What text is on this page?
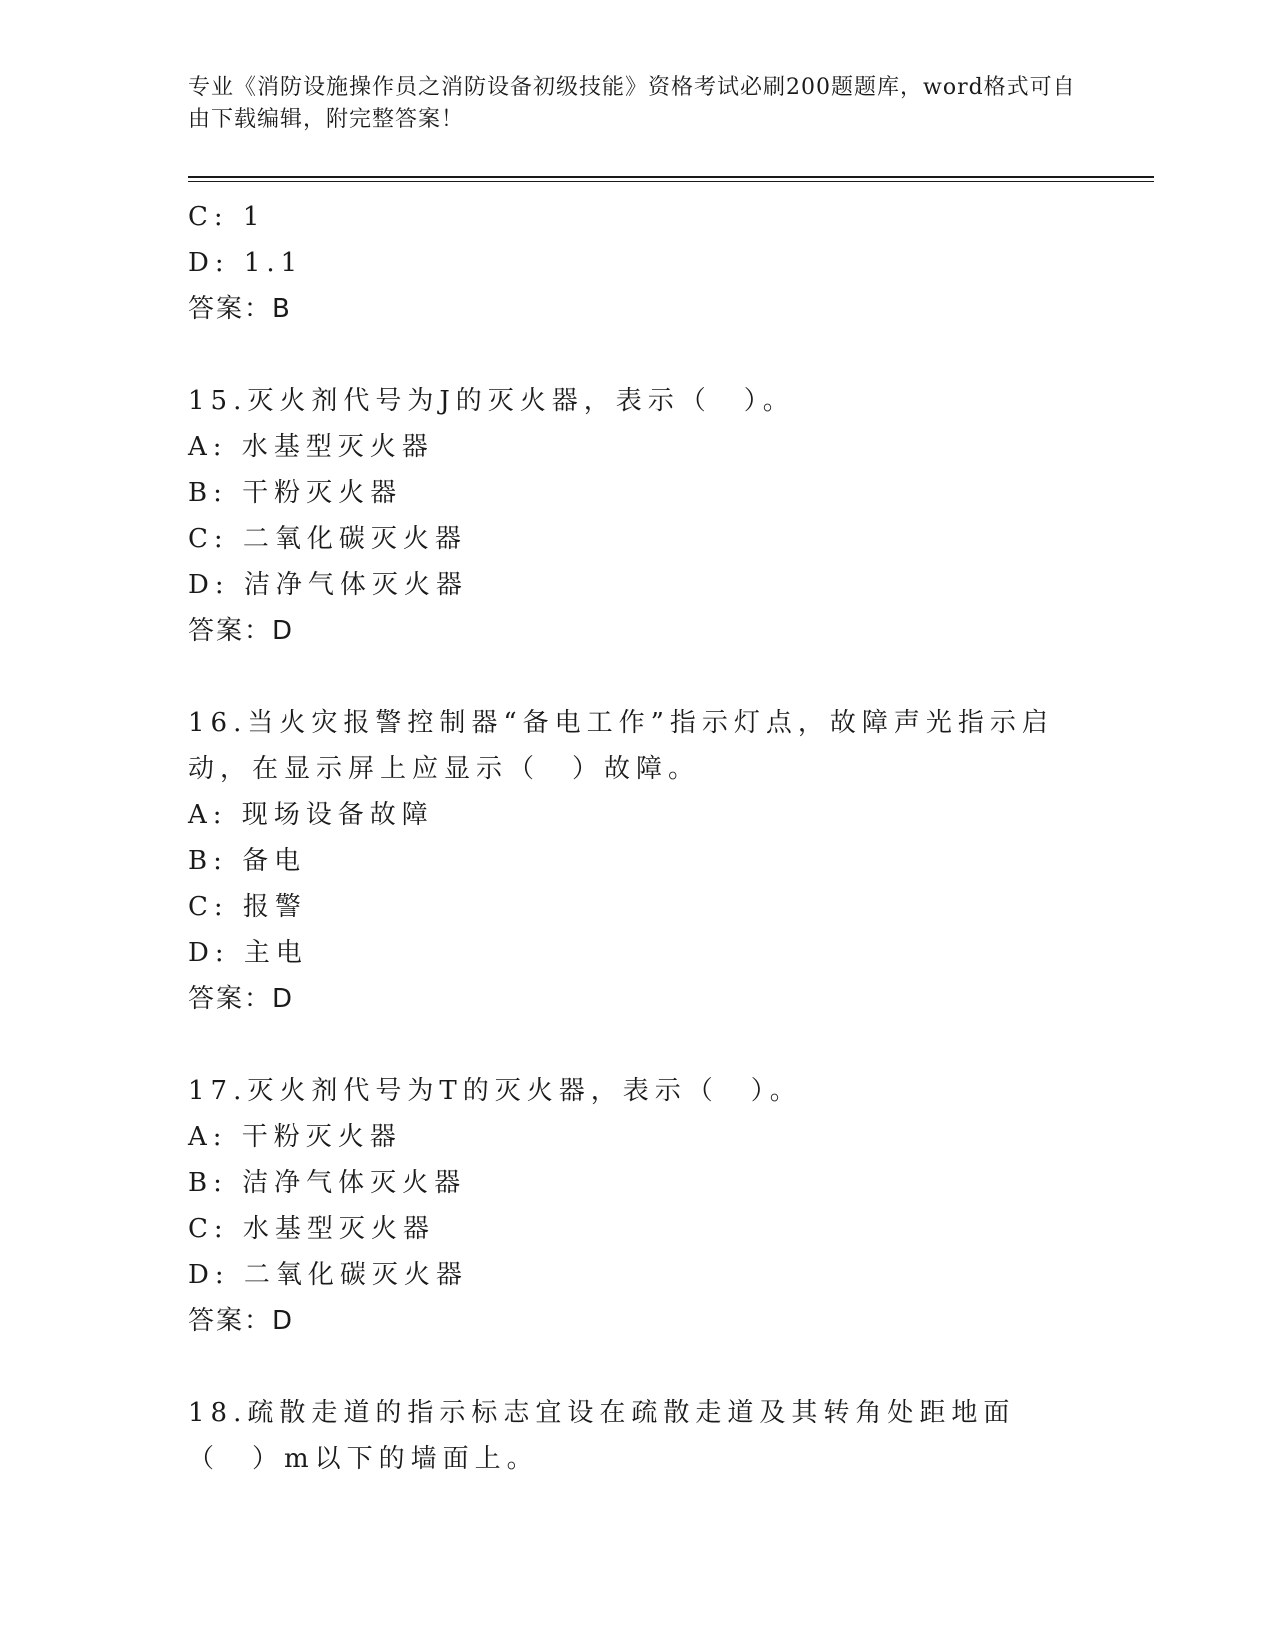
专业《消防设施操作员之消防设备初级技能》资格考试必刷200题题库，word格式可自由下载编辑，附完整答案！
C: 1
D: 1.1
答案：B
15.灭火剂代号为J的灭火器，表示（　）。
A: 水基型灭火器
B: 干粉灭火器
C: 二氧化碳灭火器
D: 洁净气体灭火器
答案：D
16.当火灾报警控制器“备电工作”指示灯点，故障声光指示启动，在显示屏上应显示（　）故障。
A: 现场设备故障
B: 备电
C: 报警
D: 主电
答案：D
17.灭火剂代号为T的灭火器，表示（　）。
A: 干粉灭火器
B: 洁净气体灭火器
C: 水基型灭火器
D: 二氧化碳灭火器
答案：D
18.疏散走道的指示标志宜设在疏散走道及其转角处距地面（　）m以下的墙面上。
